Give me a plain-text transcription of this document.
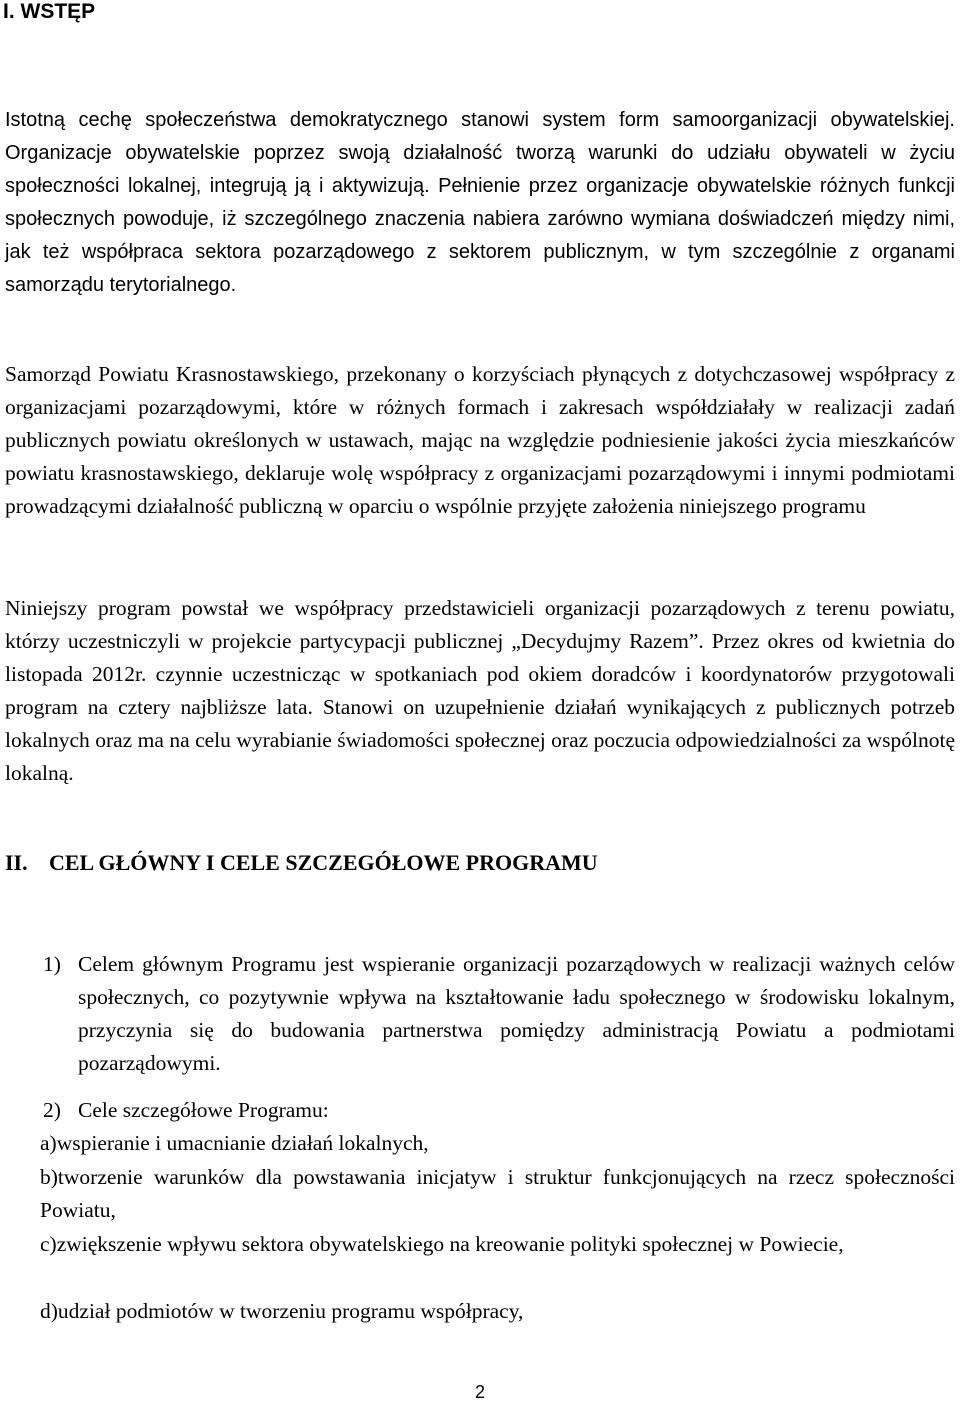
I. WSTĘP

Istotną cechę społeczeństwa demokratycznego stanowi system form samoorganizacji obywatelskiej. Organizacje obywatelskie poprzez swoją działalność tworzą warunki do udziału obywateli w życiu społeczności lokalnej, integrują ją i aktywizują. Pełnienie przez organizacje obywatelskie różnych funkcji społecznych powoduje, iż szczególnego znaczenia nabiera zarówno wymiana doświadczeń między nimi, jak też współpraca sektora pozarządowego z sektorem publicznym, w tym szczególnie z organami samorządu terytorialnego.

Samorząd Powiatu Krasnostawskiego, przekonany o korzyściach płynących z dotychczasowej współpracy z organizacjami pozarządowymi, które w różnych formach i zakresach współdziałały w realizacji zadań publicznych powiatu określonych w ustawach, mając na względzie podniesienie jakości życia mieszkańców powiatu krasnostawskiego, deklaruje wolę współpracy z organizacjami pozarządowymi i innymi podmiotami prowadzącymi działalność publiczną w oparciu o wspólnie przyjęte założenia niniejszego programu

Niniejszy program powstał we współpracy przedstawicieli organizacji pozarządowych z terenu powiatu, którzy uczestniczyli w projekcie partycypacji publicznej „Decydujmy Razem”. Przez okres od kwietnia do listopada 2012r. czynnie uczestnicząc w spotkaniach pod okiem doradców i koordynatorów przygotowali program na cztery najbliższe lata. Stanowi on uzupełnienie działań wynikających z publicznych potrzeb lokalnych oraz ma na celu wyrabianie świadomości społecznej oraz poczucia odpowiedzialności za wspólnotę lokalną.

II. CEL GŁÓWNY I CELE SZCZEGÓŁOWE PROGRAMU

1) Celem głównym Programu jest wspieranie organizacji pozarządowych w realizacji ważnych celów społecznych, co pozytywnie wpływa na kształtowanie ładu społecznego w środowisku lokalnym, przyczynia się do budowania partnerstwa pomiędzy administracją Powiatu a podmiotami pozarządowymi.

2) Cele szczegółowe Programu:

a)wspieranie i umacnianie działań lokalnych,

b)tworzenie warunków dla powstawania inicjatyw i struktur funkcjonujących na rzecz społeczności Powiatu,

c)zwiększenie wpływu sektora obywatelskiego na kreowanie polityki społecznej w Powiecie,

d)udział podmiotów w tworzeniu programu współpracy,

2
